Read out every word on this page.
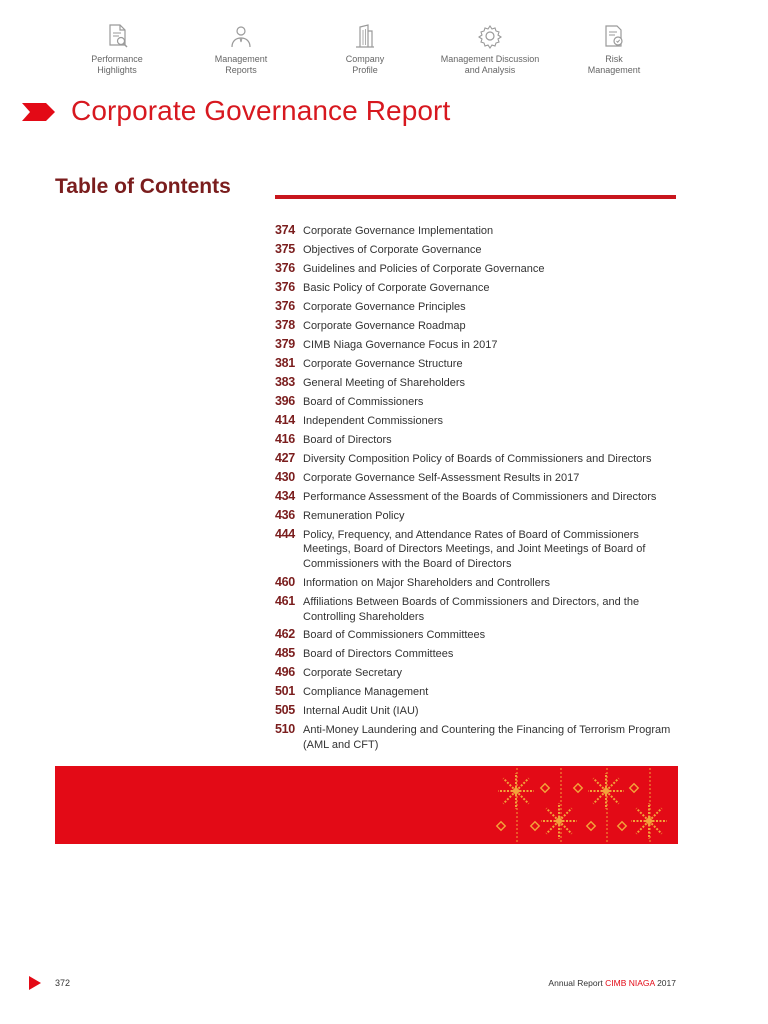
Performance
Highlights
Management
Reports
Company
Profile
Management Discussion
and Analysis
Risk
Management
Corporate Governance Report
Table of Contents
374 Corporate Governance Implementation
375 Objectives of Corporate Governance
376 Guidelines and Policies of Corporate Governance
376 Basic Policy of Corporate Governance
376 Corporate Governance Principles
378 Corporate Governance Roadmap
379 CIMB Niaga Governance Focus in 2017
381 Corporate Governance Structure
383 General Meeting of Shareholders
396 Board of Commissioners
414 Independent Commissioners
416 Board of Directors
427 Diversity Composition Policy of Boards of Commissioners and Directors
430 Corporate Governance Self-Assessment Results in 2017
434 Performance Assessment of the Boards of Commissioners and Directors
436 Remuneration Policy
444 Policy, Frequency, and Attendance Rates of Board of Commissioners Meetings, Board of Directors Meetings, and Joint Meetings of Board of Commissioners with the Board of Directors
460 Information on Major Shareholders and Controllers
461 Affiliations Between Boards of Commissioners and Directors, and the Controlling Shareholders
462 Board of Commissioners Committees
485 Board of Directors Committees
496 Corporate Secretary
501 Compliance Management
505 Internal Audit Unit (IAU)
510 Anti-Money Laundering and Countering the Financing of Terrorism Program (AML and CFT)
372	Annual Report CIMB NIAGA 2017
